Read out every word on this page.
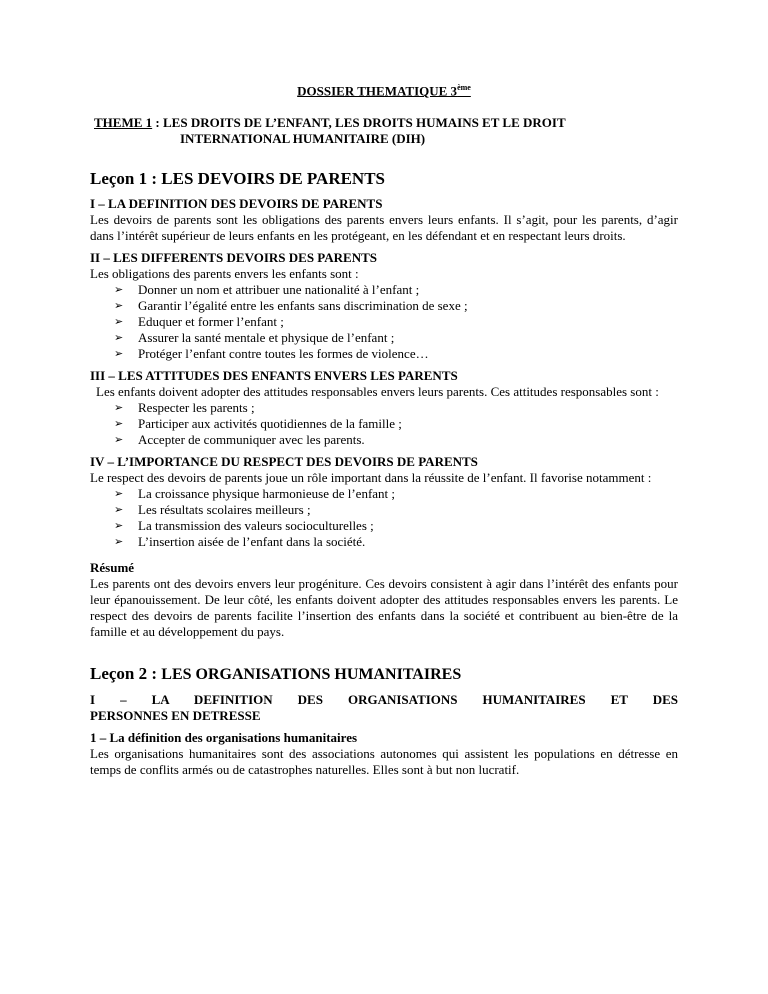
DOSSIER THEMATIQUE 3ème
THEME 1 : LES DROITS DE L’ENFANT, LES DROITS HUMAINS ET LE DROIT
INTERNATIONAL HUMANITAIRE (DIH)
Leçon 1 : LES DEVOIRS DE PARENTS
I – LA DEFINITION DES DEVOIRS DE PARENTS

Les devoirs de parents sont les obligations des parents envers leurs enfants. Il s’agit, pour les parents, d’agir dans l’intérêt supérieur de leurs enfants en les protégeant, en les défendant et en respectant leurs droits.

II – LES DIFFERENTS DEVOIRS DES PARENTS

Les obligations des parents envers les enfants sont :

➢ Donner un nom et attribuer une nationalité à l’enfant ;
➢ Garantir l’égalité entre les enfants sans discrimination de sexe ;
➢ Eduquer et former l’enfant ;
➢ Assurer la santé mentale et physique de l’enfant ;
➢ Protéger l’enfant contre toutes les formes de violence…
III – LES ATTITUDES DES ENFANTS ENVERS LES PARENTS

Les enfants doivent adopter des attitudes responsables envers leurs parents. Ces attitudes responsables sont :

➢ Respecter les parents ;
➢ Participer aux activités quotidiennes de la famille ;
➢ Accepter de communiquer avec les parents.
IV – L’IMPORTANCE DU RESPECT DES DEVOIRS DE PARENTS

Le respect des devoirs de parents joue un rôle important dans la réussite de l’enfant. Il favorise notamment :

➢ La croissance physique harmonieuse de l’enfant ;
➢ Les résultats scolaires meilleurs ;
➢ La transmission des valeurs socioculturelles ;
➢ L’insertion aisée de l’enfant dans la société.
Résumé

Les parents ont des devoirs envers leur progéniture. Ces devoirs consistent à agir dans l’intérêt des enfants pour leur épanouissement. De leur côté, les enfants doivent adopter des attitudes responsables envers les parents. Le respect des devoirs de parents facilite l’insertion des enfants dans la société et contribuent au bien-être de la famille et au développement du pays.

Leçon 2 : LES ORGANISATIONS HUMANITAIRES
I – LA DEFINITION DES ORGANISATIONS HUMANITAIRES ET DES
PERSONNES EN DETRESSE
1 – La définition des organisations humanitaires

Les organisations humanitaires sont des associations autonomes qui assistent les populations en détresse en temps de conflits armés ou de catastrophes naturelles. Elles sont à but non lucratif.
